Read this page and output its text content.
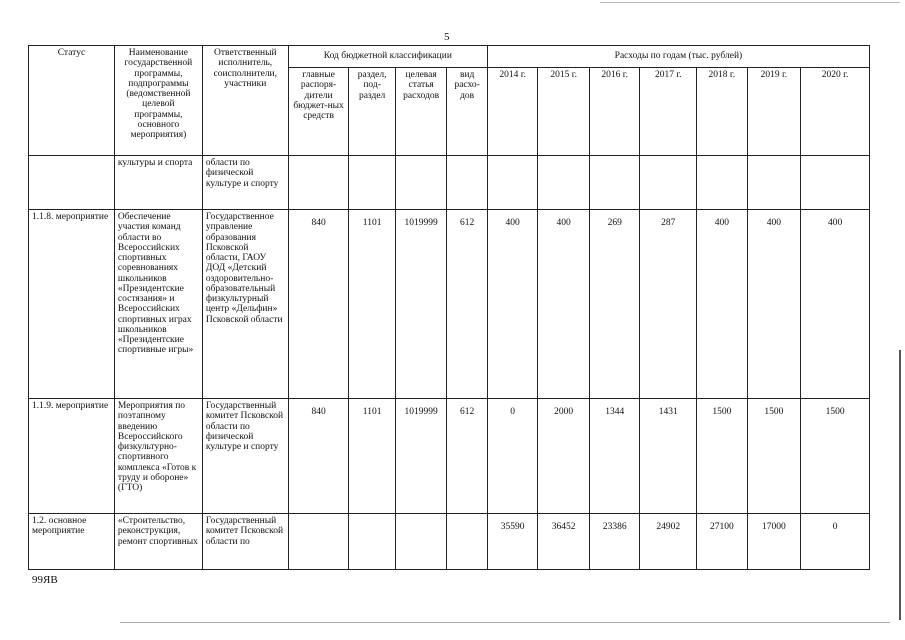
5
Статус	Наименование государственной программы, подпрограммы (ведомственной целевой программы, основного мероприятия)	Ответственный исполнитель, соисполнители, участники	Код бюджетной классификации				Расходы по годам (тыс. рублей)						
			главные распоря-дители бюджет-ных средств	раздел, под-раздел	целевая статья расходов	вид расхо-дов	2014 г.	2015 г.	2016 г.	2017 г.	2018 г.	2019 г.	2020 г.
	культуры и спорта	области по физической культуре и спорту											
1.1.8. мероприятие	Обеспечение участия команд области во Всероссийских спортивных соревнованиях школьников «Президентские состязания» и Всероссийских спортивных играх школьников «Президентские спортивные игры»	Государственное управление образования Псковской области, ГАОУ ДОД «Детский оздоровительно-образовательный физкультурный центр «Дельфин» Псковской области	840	1101	1019999	612	400	400	269	287	400	400	400
1.1.9. мероприятие	Мероприятия по поэтапному введению Всероссийского физкультурно-спортивного комплекса «Готов к труду и обороне» (ГТО)	Государственный комитет Псковской области по физической культуре и спорту	840	1101	1019999	612	0	2000	1344	1431	1500	1500	1500
1.2. основное мероприятие	«Строительство, реконструкция, ремонт спортивных	Государственный комитет Псковской области по					35590	36452	23386	24902	27100	17000	0
99ЯВ
